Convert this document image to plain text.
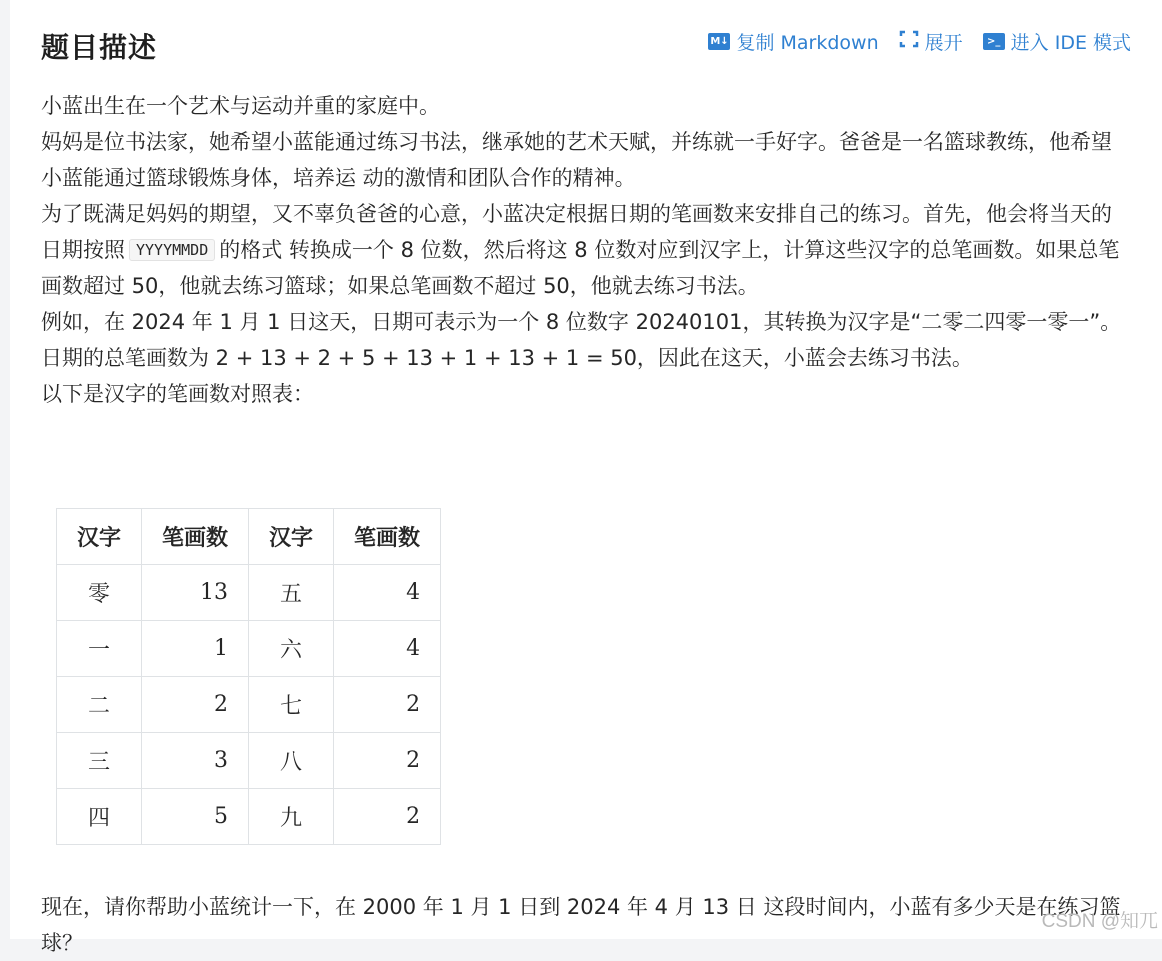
题目描述	M↓ 复制 Markdown 展开	>_ 进入 IDE 模式

小蓝出生在一个艺术与运动并重的家庭中。

妈妈是位书法家，她希望小蓝能通过练习书法，继承她的艺术天赋，并练就一手好字。爸爸是一名篮球教练，他希望小蓝能通过篮球锻炼身体，培养运 动的激情和团队合作的精神。

为了既满足妈妈的期望，又不辜负爸爸的心意，小蓝决定根据日期的笔画数来安排自己的练习。首先，他会将当天的日期按照 YYYYMMDD 的格式 转换成一个 8 位数，然后将这 8 位数对应到汉字上，计算这些汉字的总笔画数。如果总笔画数超过 50，他就去练习篮球；如果总笔画数不超过 50，他就去练习书法。

例如，在 2024 年 1 月 1 日这天，日期可表示为一个 8 位数字 20240101，其转换为汉字是“二零二四零一零一”。日期的总笔画数为 2 + 13 + 2 + 5 + 13 + 1 + 13 + 1 = 50，因此在这天，小蓝会去练习书法。

以下是汉字的笔画数对照表：

汉字	笔画数	汉字	笔画数
零	13	五	4
一	1	六	4
二	2	七	2
三	3	八	2
四	5	九	2

现在，请你帮助小蓝统计一下，在 2000 年 1 月 1 日到 2024 年 4 月 13 日 这段时间内，小蓝有多少天是在练习篮球？

CSDN @知兀
